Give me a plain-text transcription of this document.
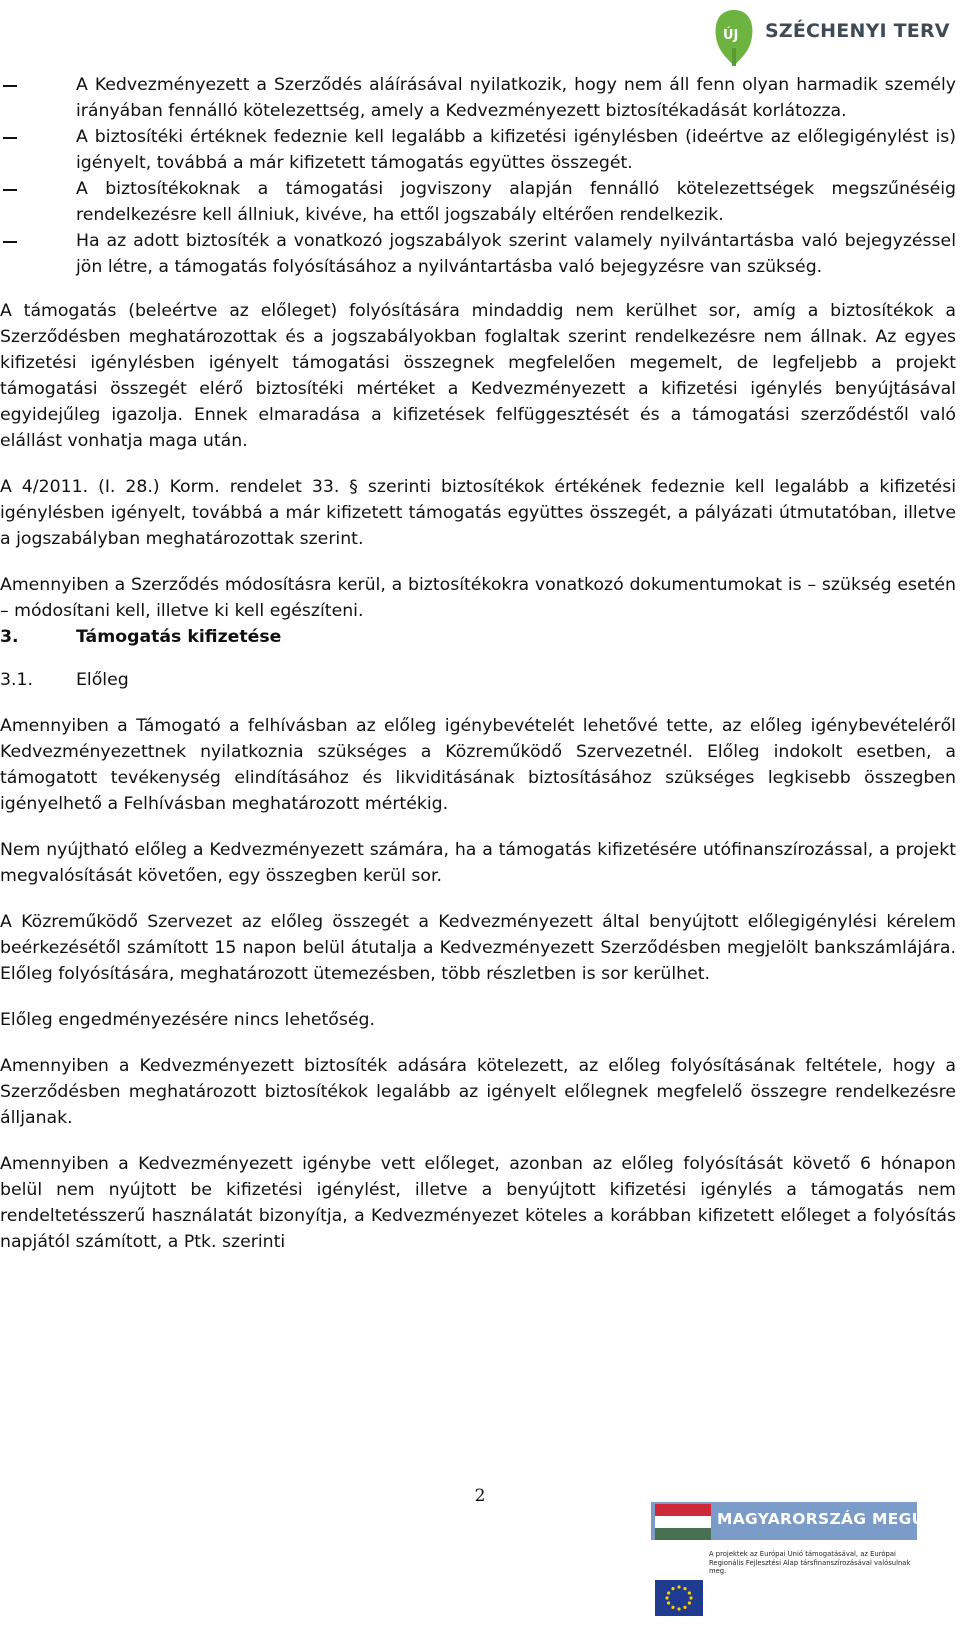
ÚJ SZÉCHENYI TERV

A Kedvezményezett a Szerződés aláírásával nyilatkozik, hogy nem áll fenn olyan harmadik személy irányában fennálló kötelezettség, amely a Kedvezményezett biztosítékadását korlátozza.

A biztosítéki értéknek fedeznie kell legalább a kifizetési igénylésben (ideértve az előlegigénylést is) igényelt, továbbá a már kifizetett támogatás együttes összegét.

A biztosítékoknak a támogatási jogviszony alapján fennálló kötelezettségek megszűnéséig rendelkezésre kell állniuk, kivéve, ha ettől jogszabály eltérően rendelkezik.

Ha az adott biztosíték a vonatkozó jogszabályok szerint valamely nyilvántartásba való bejegyzéssel jön létre, a támogatás folyósításához a nyilvántartásba való bejegyzésre van szükség.

A támogatás (beleértve az előleget) folyósítására mindaddig nem kerülhet sor, amíg a biztosítékok a Szerződésben meghatározottak és a jogszabályokban foglaltak szerint rendelkezésre nem állnak. Az egyes kifizetési igénylésben igényelt támogatási összegnek megfelelően megemelt, de legfeljebb a projekt támogatási összegét elérő biztosítéki mértéket a Kedvezményezett a kifizetési igénylés benyújtásával egyidejűleg igazolja. Ennek elmaradása a kifizetések felfüggesztését és a támogatási szerződéstől való elállást vonhatja maga után.

A 4/2011. (I. 28.) Korm. rendelet 33. § szerinti biztosítékok értékének fedeznie kell legalább a kifizetési igénylésben igényelt, továbbá a már kifizetett támogatás együttes összegét, a pályázati útmutatóban, illetve a jogszabályban meghatározottak szerint.

Amennyiben a Szerződés módosításra kerül, a biztosítékokra vonatkozó dokumentumokat is – szükség esetén – módosítani kell, illetve ki kell egészíteni.

3.	Támogatás kifizetése
3.1.	Előleg

Amennyiben a Támogató a felhívásban az előleg igénybevételét lehetővé tette, az előleg igénybevételéről Kedvezményezettnek nyilatkoznia szükséges a Közreműködő Szervezetnél. Előleg indokolt esetben, a támogatott tevékenység elindításához és likviditásának biztosításához szükséges legkisebb összegben igényelhető a Felhívásban meghatározott mértékig.

Nem nyújtható előleg a Kedvezményezett számára, ha a támogatás kifizetésére utófinanszírozással, a projekt megvalósítását követően, egy összegben kerül sor.

A Közreműködő Szervezet az előleg összegét a Kedvezményezett által benyújtott előlegigénylési kérelem beérkezésétől számított 15 napon belül átutalja a Kedvezményezett Szerződésben megjelölt bankszámlájára. Előleg folyósítására, meghatározott ütemezésben, több részletben is sor kerülhet.

Előleg engedményezésére nincs lehetőség.

Amennyiben a Kedvezményezett biztosíték adására kötelezett, az előleg folyósításának feltétele, hogy a Szerződésben meghatározott biztosítékok legalább az igényelt előlegnek megfelelő összegre rendelkezésre álljanak.

Amennyiben a Kedvezményezett igénybe vett előleget, azonban az előleg folyósítását követő 6 hónapon belül nem nyújtott be kifizetési igénylést, illetve a benyújtott kifizetési igénylés a támogatás nem rendeltetésszerű használatát bizonyítja, a Kedvezményezet köteles a korábban kifizetett előleget a folyósítás napjától számított, a Ptk. szerinti

2
MAGYARORSZÁG MEGÚJUL
A projektek az Európai Unió támogatásával, az Európai
Regionális Fejlesztési Alap társfinanszírozásával valósulnak meg.
